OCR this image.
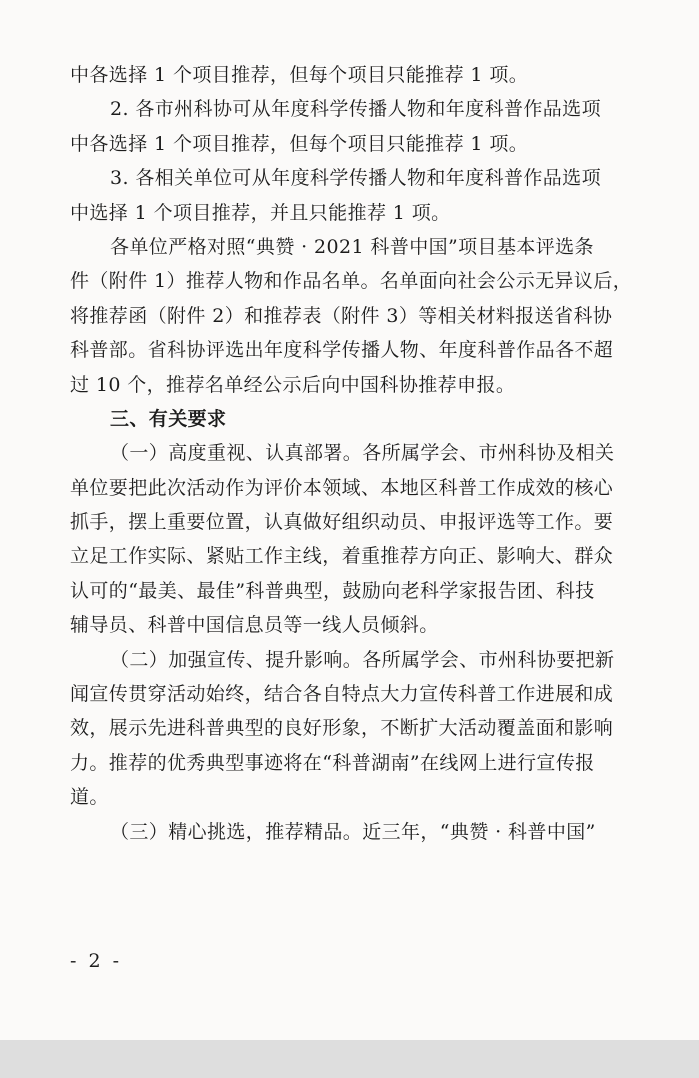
中各选择 1 个项目推荐，但每个项目只能推荐 1 项。
2. 各市州科协可从年度科学传播人物和年度科普作品选项
中各选择 1 个项目推荐，但每个项目只能推荐 1 项。
3. 各相关单位可从年度科学传播人物和年度科普作品选项
中选择 1 个项目推荐，并且只能推荐 1 项。
各单位严格对照“典赞 · 2021 科普中国”项目基本评选条
件（附件 1）推荐人物和作品名单。名单面向社会公示无异议后，
将推荐函（附件 2）和推荐表（附件 3）等相关材料报送省科协
科普部。省科协评选出年度科学传播人物、年度科普作品各不超
过 10 个，推荐名单经公示后向中国科协推荐申报。
三、有关要求
（一）高度重视、认真部署。各所属学会、市州科协及相关
单位要把此次活动作为评价本领域、本地区科普工作成效的核心
抓手，摆上重要位置，认真做好组织动员、申报评选等工作。要
立足工作实际、紧贴工作主线，着重推荐方向正、影响大、群众
认可的“最美、最佳”科普典型，鼓励向老科学家报告团、科技
辅导员、科普中国信息员等一线人员倾斜。
（二）加强宣传、提升影响。各所属学会、市州科协要把新
闻宣传贯穿活动始终，结合各自特点大力宣传科普工作进展和成
效，展示先进科普典型的良好形象，不断扩大活动覆盖面和影响
力。推荐的优秀典型事迹将在“科普湖南”在线网上进行宣传报
道。
（三）精心挑选，推荐精品。近三年，“典赞 · 科普中国”
- 2 -
